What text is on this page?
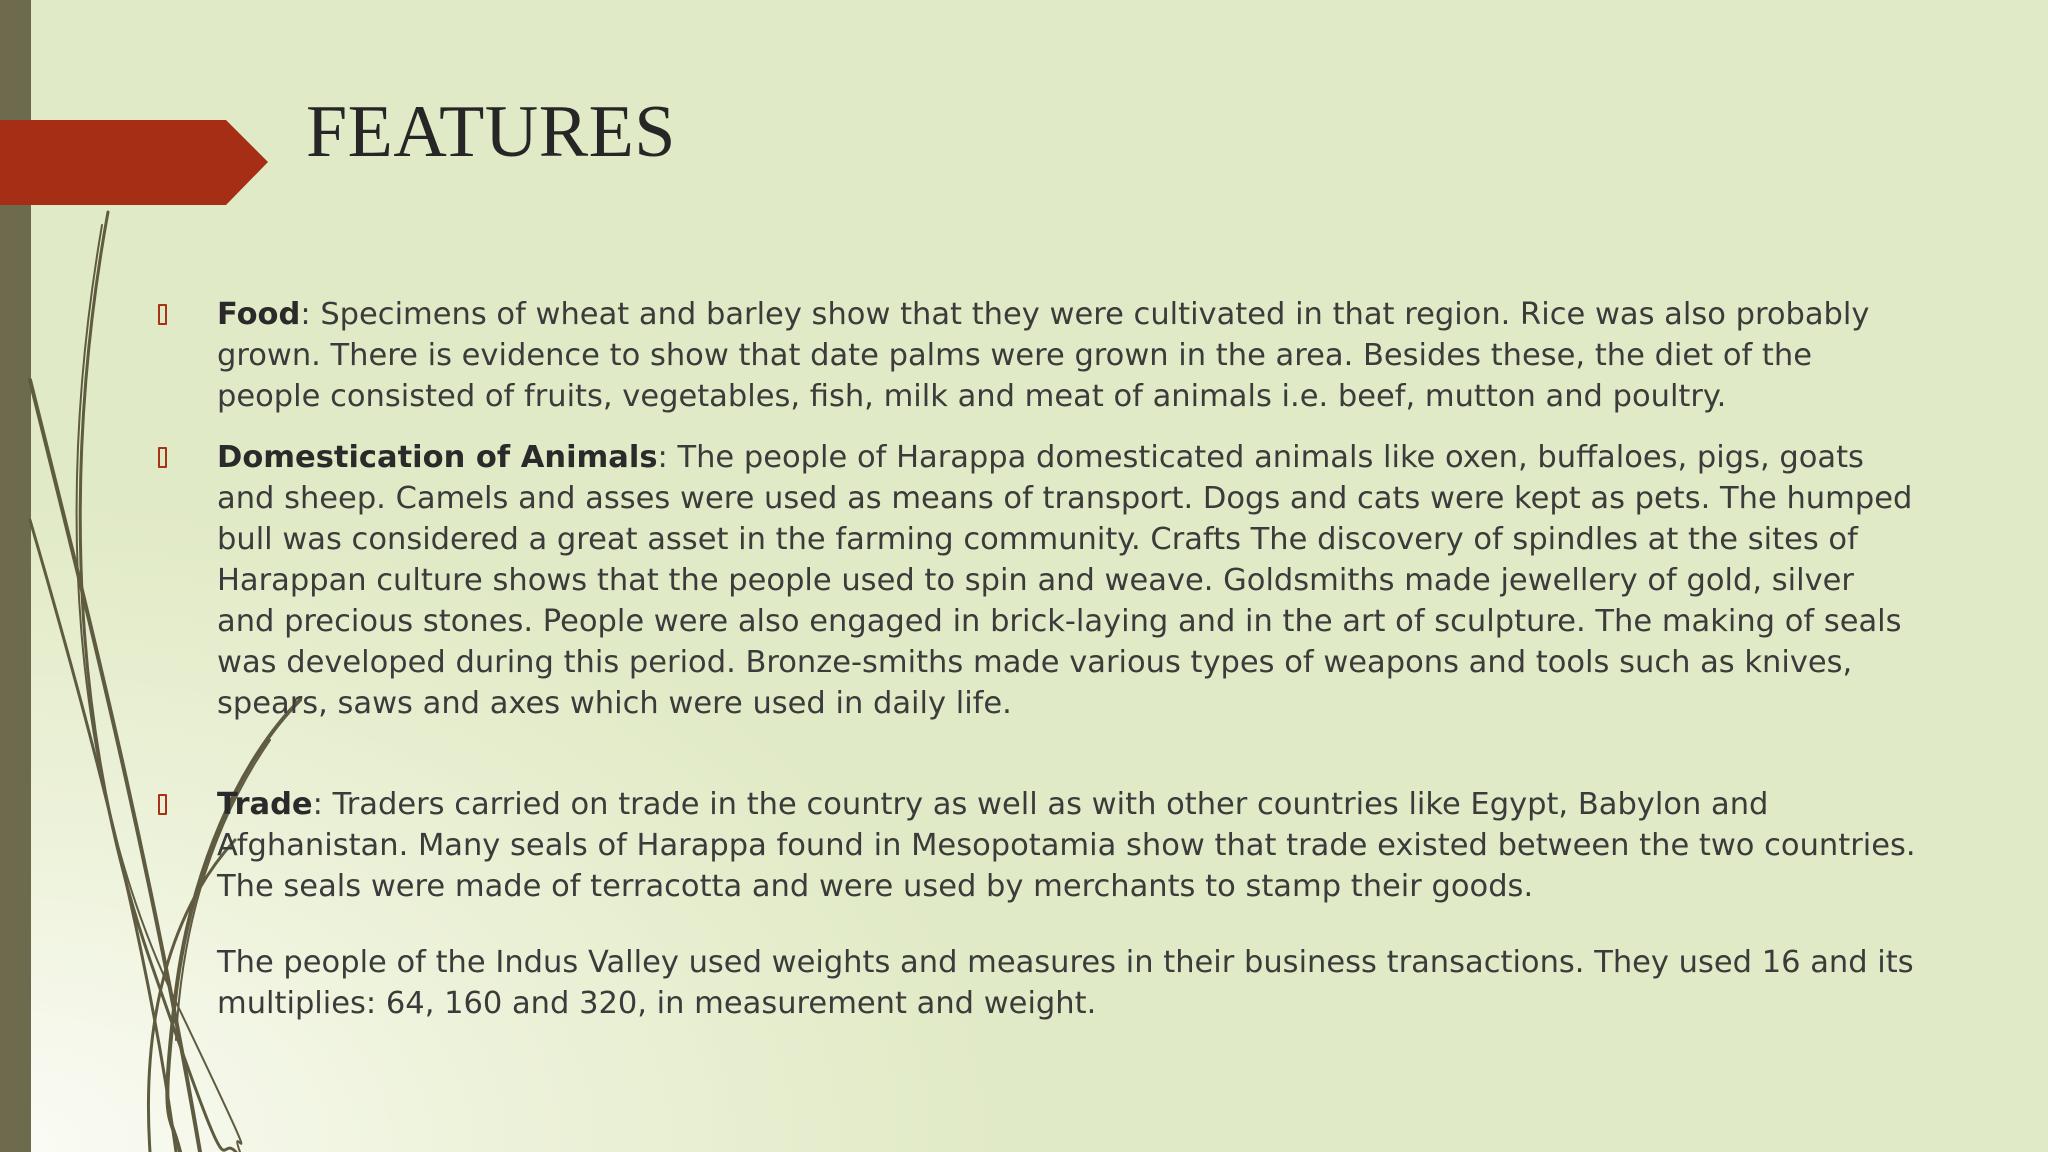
FEATURES

Food: Specimens of wheat and barley show that they were cultivated in that region. Rice was also probably grown. There is evidence to show that date palms were grown in the area. Besides these, the diet of the people consisted of fruits, vegetables, fish, milk and meat of animals i.e. beef, mutton and poultry.

Domestication of Animals: The people of Harappa domesticated animals like oxen, buffaloes, pigs, goats and sheep. Camels and asses were used as means of transport. Dogs and cats were kept as pets. The humped bull was considered a great asset in the farming community. Crafts The discovery of spindles at the sites of Harappan culture shows that the people used to spin and weave. Goldsmiths made jewellery of gold, silver and precious stones. People were also engaged in brick-laying and in the art of sculpture. The making of seals was developed during this period. Bronze-smiths made various types of weapons and tools such as knives, spears, saws and axes which were used in daily life.

Trade: Traders carried on trade in the country as well as with other countries like Egypt, Babylon and Afghanistan. Many seals of Harappa found in Mesopotamia show that trade existed between the two countries. The seals were made of terracotta and were used by merchants to stamp their goods.

The people of the Indus Valley used weights and measures in their business transactions. They used 16 and its multiplies: 64, 160 and 320, in measurement and weight.
